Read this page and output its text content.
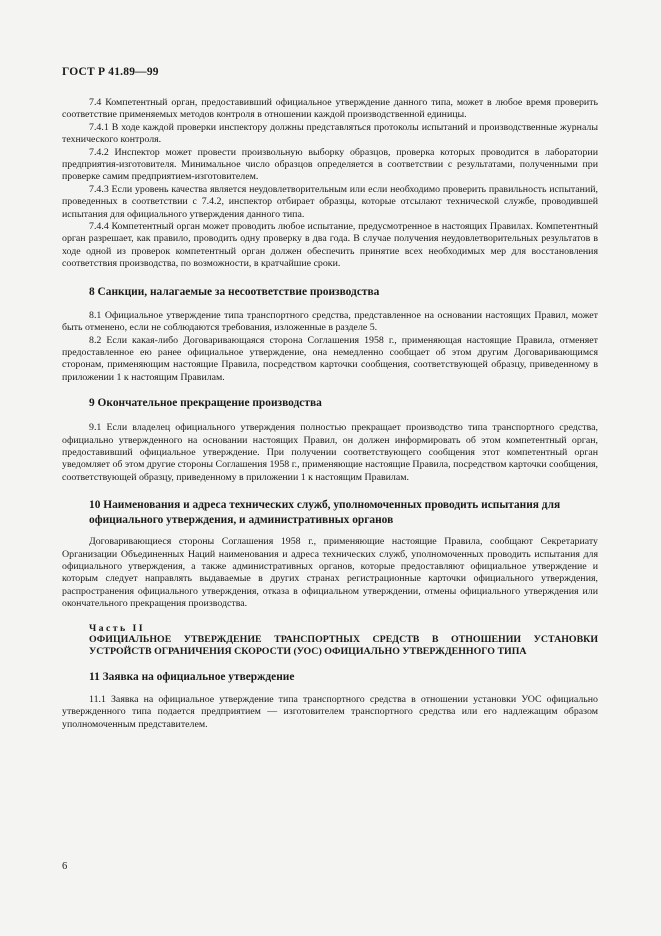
ГОСТ Р 41.89—99

7.4 Компетентный орган, предоставивший официальное утверждение данного типа, может в любое время проверить соответствие применяемых методов контроля в отношении каждой производственной единицы.

7.4.1 В ходе каждой проверки инспектору должны представляться протоколы испытаний и производственные журналы технического контроля.

7.4.2 Инспектор может провести произвольную выборку образцов, проверка которых проводится в лаборатории предприятия-изготовителя. Минимальное число образцов определяется в соответствии с результатами, полученными при проверке самим предприятием-изготовителем.

7.4.3 Если уровень качества является неудовлетворительным или если необходимо проверить правильность испытаний, проведенных в соответствии с 7.4.2, инспектор отбирает образцы, которые отсылают технической службе, проводившей испытания для официального утверждения данного типа.

7.4.4 Компетентный орган может проводить любое испытание, предусмотренное в настоящих Правилах. Компетентный орган разрешает, как правило, проводить одну проверку в два года. В случае получения неудовлетворительных результатов в ходе одной из проверок компетентный орган должен обеспечить принятие всех необходимых мер для восстановления соответствия производства, по возможности, в кратчайшие сроки.

8 Санкции, налагаемые за несоответствие производства

8.1 Официальное утверждение типа транспортного средства, представленное на основании настоящих Правил, может быть отменено, если не соблюдаются требования, изложенные в разделе 5.

8.2 Если какая-либо Договаривающаяся сторона Соглашения 1958 г., применяющая настоящие Правила, отменяет предоставленное ею ранее официальное утверждение, она немедленно сообщает об этом другим Договаривающимся сторонам, применяющим настоящие Правила, посредством карточки сообщения, соответствующей образцу, приведенному в приложении 1 к настоящим Правилам.

9 Окончательное прекращение производства

9.1 Если владелец официального утверждения полностью прекращает производство типа транспортного средства, официально утвержденного на основании настоящих Правил, он должен информировать об этом компетентный орган, предоставивший официальное утверждение. При получении соответствующего сообщения этот компетентный орган уведомляет об этом другие стороны Соглашения 1958 г., применяющие настоящие Правила, посредством карточки сообщения, соответствующей образцу, приведенному в приложении 1 к настоящим Правилам.

10 Наименования и адреса технических служб, уполномоченных проводить испытания для официального утверждения, и административных органов

Договаривающиеся стороны Соглашения 1958 г., применяющие настоящие Правила, сообщают Секретариату Организации Объединенных Наций наименования и адреса технических служб, уполномоченных проводить испытания для официального утверждения, а также административных органов, которые предоставляют официальное утверждение и которым следует направлять выдаваемые в других странах регистрационные карточки официального утверждения, распространения официального утверждения, отказа в официальном утверждении, отмены официального утверждения или окончательного прекращения производства.

Часть II
ОФИЦИАЛЬНОЕ УТВЕРЖДЕНИЕ ТРАНСПОРТНЫХ СРЕДСТВ В ОТНОШЕНИИ УСТАНОВКИ УСТРОЙСТВ ОГРАНИЧЕНИЯ СКОРОСТИ (УОС) ОФИЦИАЛЬНО УТВЕРЖДЕННОГО ТИПА
11 Заявка на официальное утверждение

11.1 Заявка на официальное утверждение типа транспортного средства в отношении установки УОС официально утвержденного типа подается предприятием — изготовителем транспортного средства или его надлежащим образом уполномоченным представителем.

6
